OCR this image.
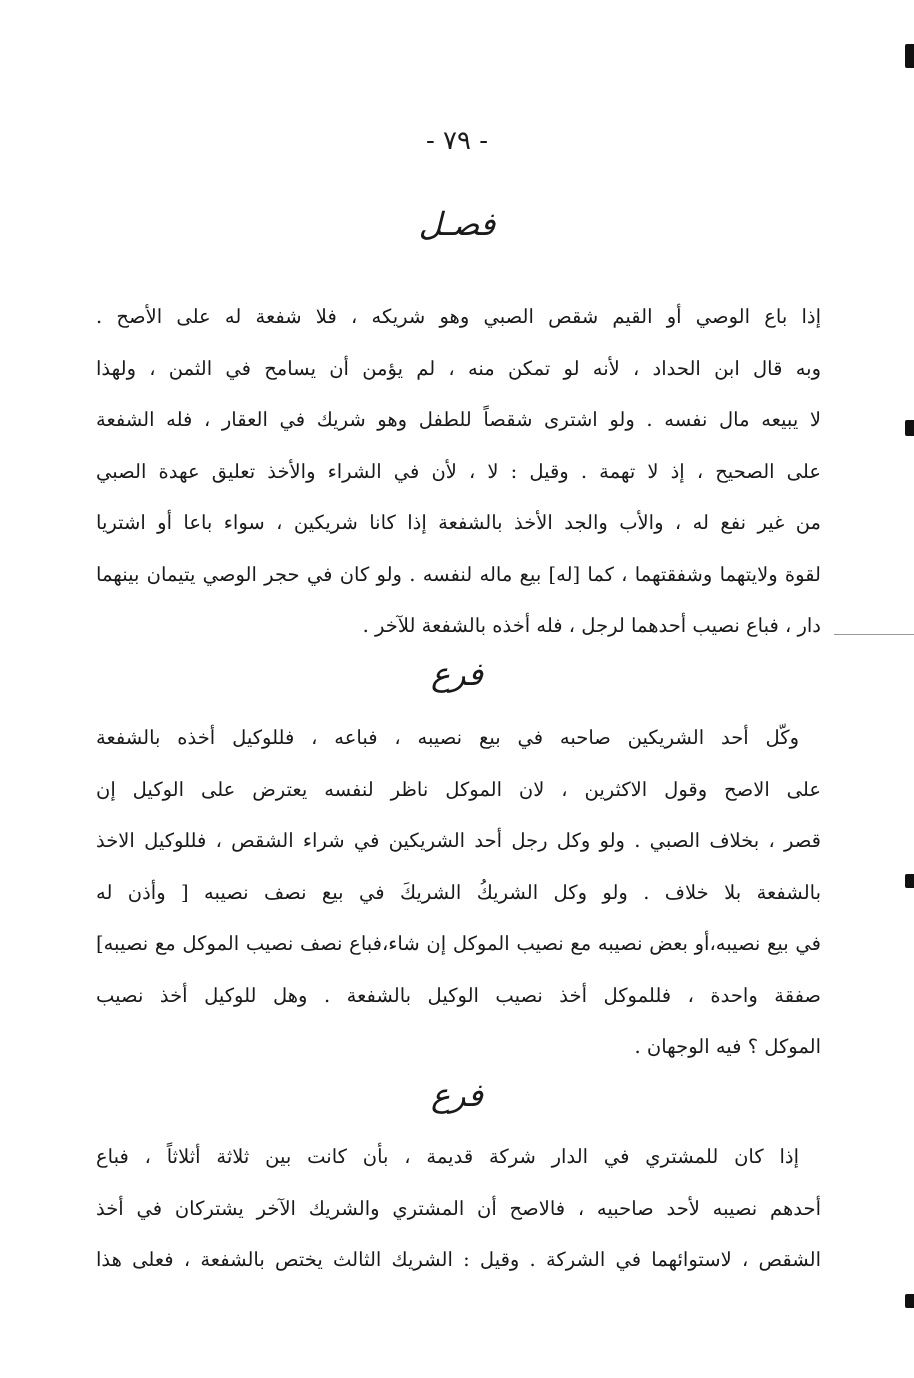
- ٧٩ -
فصـل
إذا باع الوصي أو القيم شقص الصبي وهو شريكه ، فلا شفعة له على الأصح .
وبه قال ابن الحداد ، لأنه لو تمكن منه ، لم يؤمن أن يسامح في الثمن ، ولهذا
لا يبيعه مال نفسه . ولو اشترى شقصاً للطفل وهو شريك في العقار ، فله الشفعة
على الصحيح ، إذ لا تهمة . وقيل : لا ، لأن في الشراء والأخذ تعليق عهدة الصبي
من غير نفع له ، والأب والجد الأخذ بالشفعة إذا كانا شريكين ، سواء باعا أو اشتريا
لقوة ولايتهما وشفقتهما ، كما [له] بيع ماله لنفسه . ولو كان في حجر الوصي يتيمان بينهما
دار ، فباع نصيب أحدهما لرجل ، فله أخذه بالشفعة للآخر .
فرع
وكّل أحد الشريكين صاحبه في بيع نصيبه ، فباعه ، فللوكيل أخذه بالشفعة
على الاصح وقول الاكثرين ، لان الموكل ناظر لنفسه يعترض على الوكيل إن
قصر ، بخلاف الصبي . ولو وكل رجل أحد الشريكين في شراء الشقص ، فللوكيل الاخذ
بالشفعة بلا خلاف . ولو وكل الشريكُ الشريكَ في بيع نصف نصيبه [ وأذن له
في بيع نصيبه،أو بعض نصيبه مع نصيب الموكل إن شاء،فباع نصف نصيب الموكل مع نصيبه]
صفقة واحدة ، فللموكل أخذ نصيب الوكيل بالشفعة . وهل للوكيل أخذ نصيب
الموكل ؟ فيه الوجهان .
فرع
إذا كان للمشتري في الدار شركة قديمة ، بأن كانت بين ثلاثة أثلاثاً ، فباع
أحدهم نصيبه لأحد صاحبيه ، فالاصح أن المشتري والشريك الآخر يشتركان في أخذ
الشقص ، لاستوائهما في الشركة . وقيل : الشريك الثالث يختص بالشفعة ، فعلى هذا
